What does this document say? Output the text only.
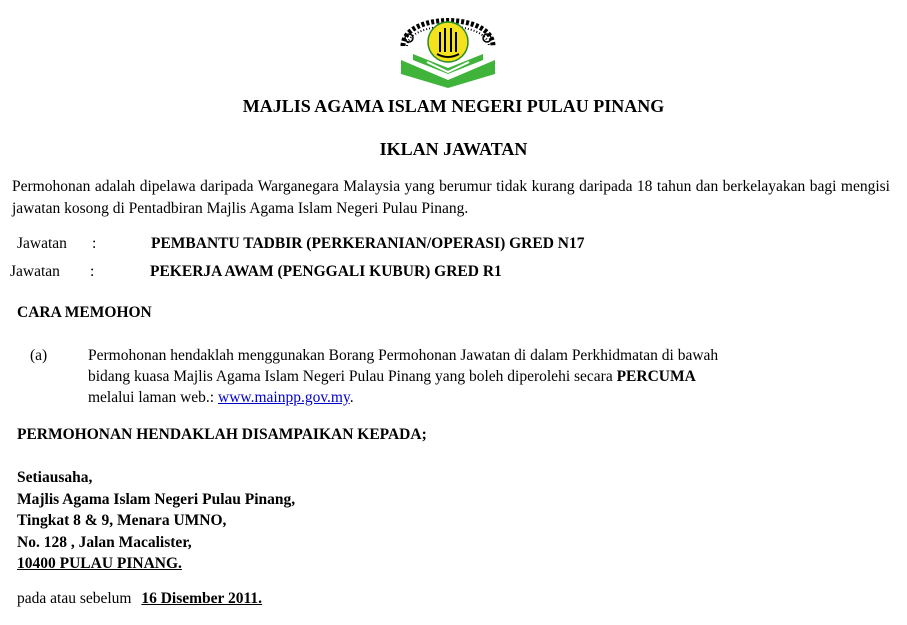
MAJLIS AGAMA ISLAM NEGERI PULAU PINANG
IKLAN JAWATAN
Permohonan adalah dipelawa daripada Warganegara Malaysia yang berumur tidak kurang daripada 18 tahun dan berkelayakan bagi mengisi jawatan kosong di Pentadbiran Majlis Agama Islam Negeri Pulau Pinang.
Jawatan :	PEMBANTU TADBIR (PERKERANIAN/OPERASI) GRED N17
Jawatan :	PEKERJA AWAM (PENGGALI KUBUR) GRED R1
CARA MEMOHON
(a)	Permohonan hendaklah menggunakan Borang Permohonan Jawatan di dalam Perkhidmatan di bawah
bidang kuasa Majlis Agama Islam Negeri Pulau Pinang yang boleh diperolehi secara PERCUMA
melalui laman web.: www.mainpp.gov.my.
PERMOHONAN HENDAKLAH DISAMPAIKAN KEPADA;
Setiausaha,
Majlis Agama Islam Negeri Pulau Pinang,
Tingkat 8 & 9, Menara UMNO,
No. 128 , Jalan Macalister,
10400 PULAU PINANG.
pada atau sebelum 16 Disember 2011.
